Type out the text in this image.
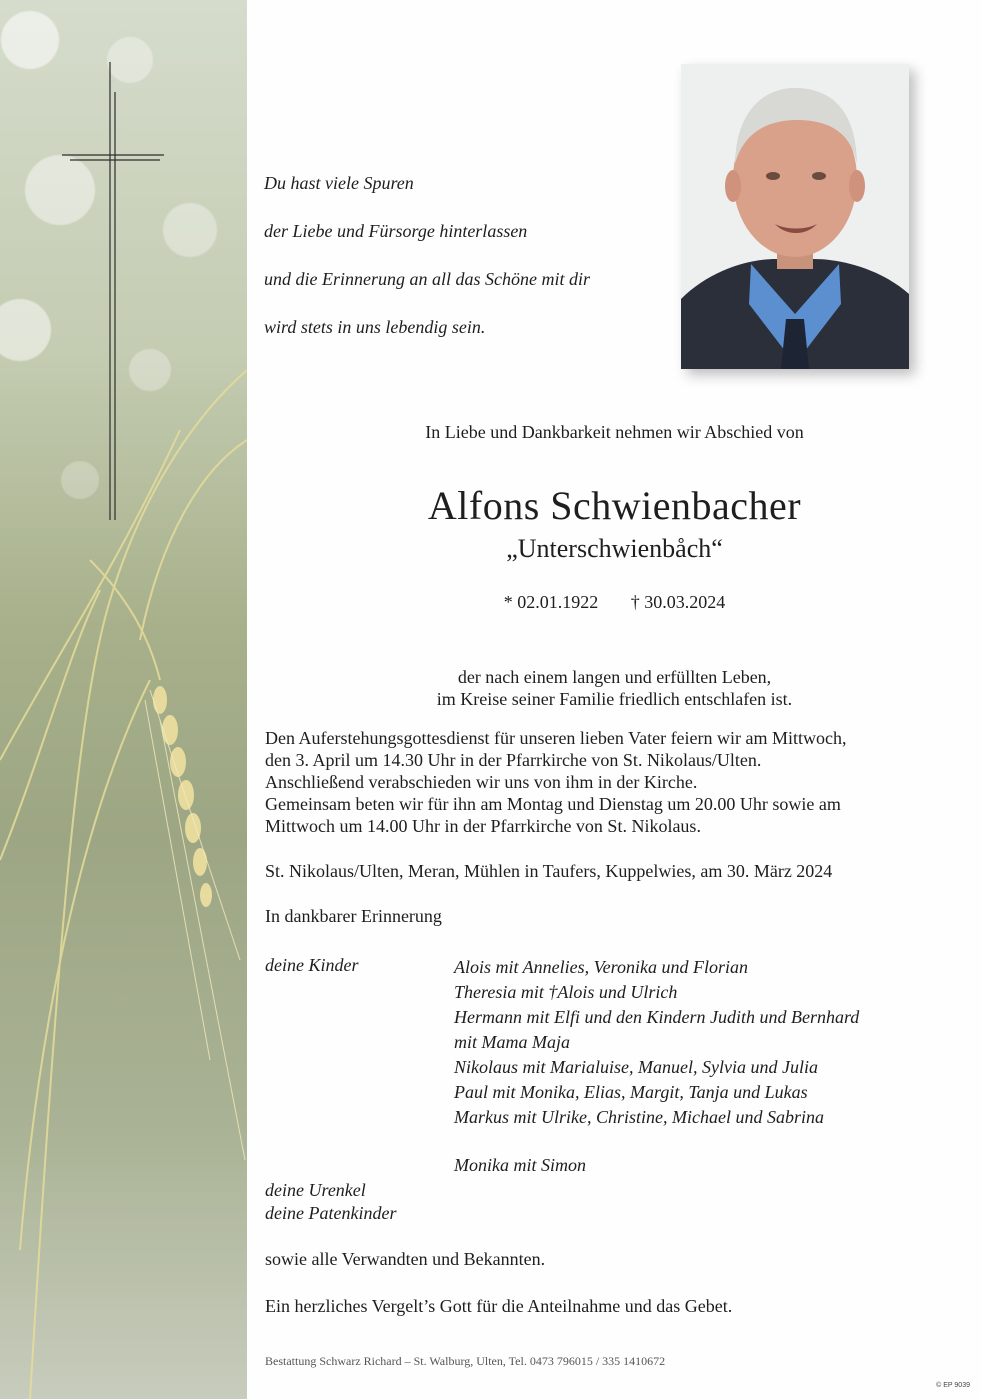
Du hast viele Spuren

der Liebe und Fürsorge hinterlassen

und die Erinnerung an all das Schöne mit dir

wird stets in uns lebendig sein.

In Liebe und Dankbarkeit nehmen wir Abschied von
Alfons Schwienbacher
„Unterschwienbåch“
* 02.01.1922 † 30.03.2024
der nach einem langen und erfüllten Leben,
im Kreise seiner Familie friedlich entschlafen ist.
Den Auferstehungsgottesdienst für unseren lieben Vater feiern wir am Mittwoch,
den 3. April um 14.30 Uhr in der Pfarrkirche von St. Nikolaus/Ulten.
Anschließend verabschieden wir uns von ihm in der Kirche.
Gemeinsam beten wir für ihn am Montag und Dienstag um 20.00 Uhr sowie am
Mittwoch um 14.00 Uhr in der Pfarrkirche von St. Nikolaus.
St. Nikolaus/Ulten, Meran, Mühlen in Taufers, Kuppelwies, am 30. März 2024
In dankbarer Erinnerung
deine Kinder	Alois mit Annelies, Veronika und Florian
Theresia mit †Alois und Ulrich
Hermann mit Elfi und den Kindern Judith und Bernhard
mit Mama Maja
Nikolaus mit Marialuise, Manuel, Sylvia und Julia
Paul mit Monika, Elias, Margit, Tanja und Lukas
Markus mit Ulrike, Christine, Michael und Sabrina
Monika mit Simon
deine Urenkel
deine Patenkinder
sowie alle Verwandten und Bekannten.
Ein herzliches Vergelt’s Gott für die Anteilnahme und das Gebet.
Bestattung Schwarz Richard – St. Walburg, Ulten, Tel. 0473 796015 / 335 1410672
© EP 9039
